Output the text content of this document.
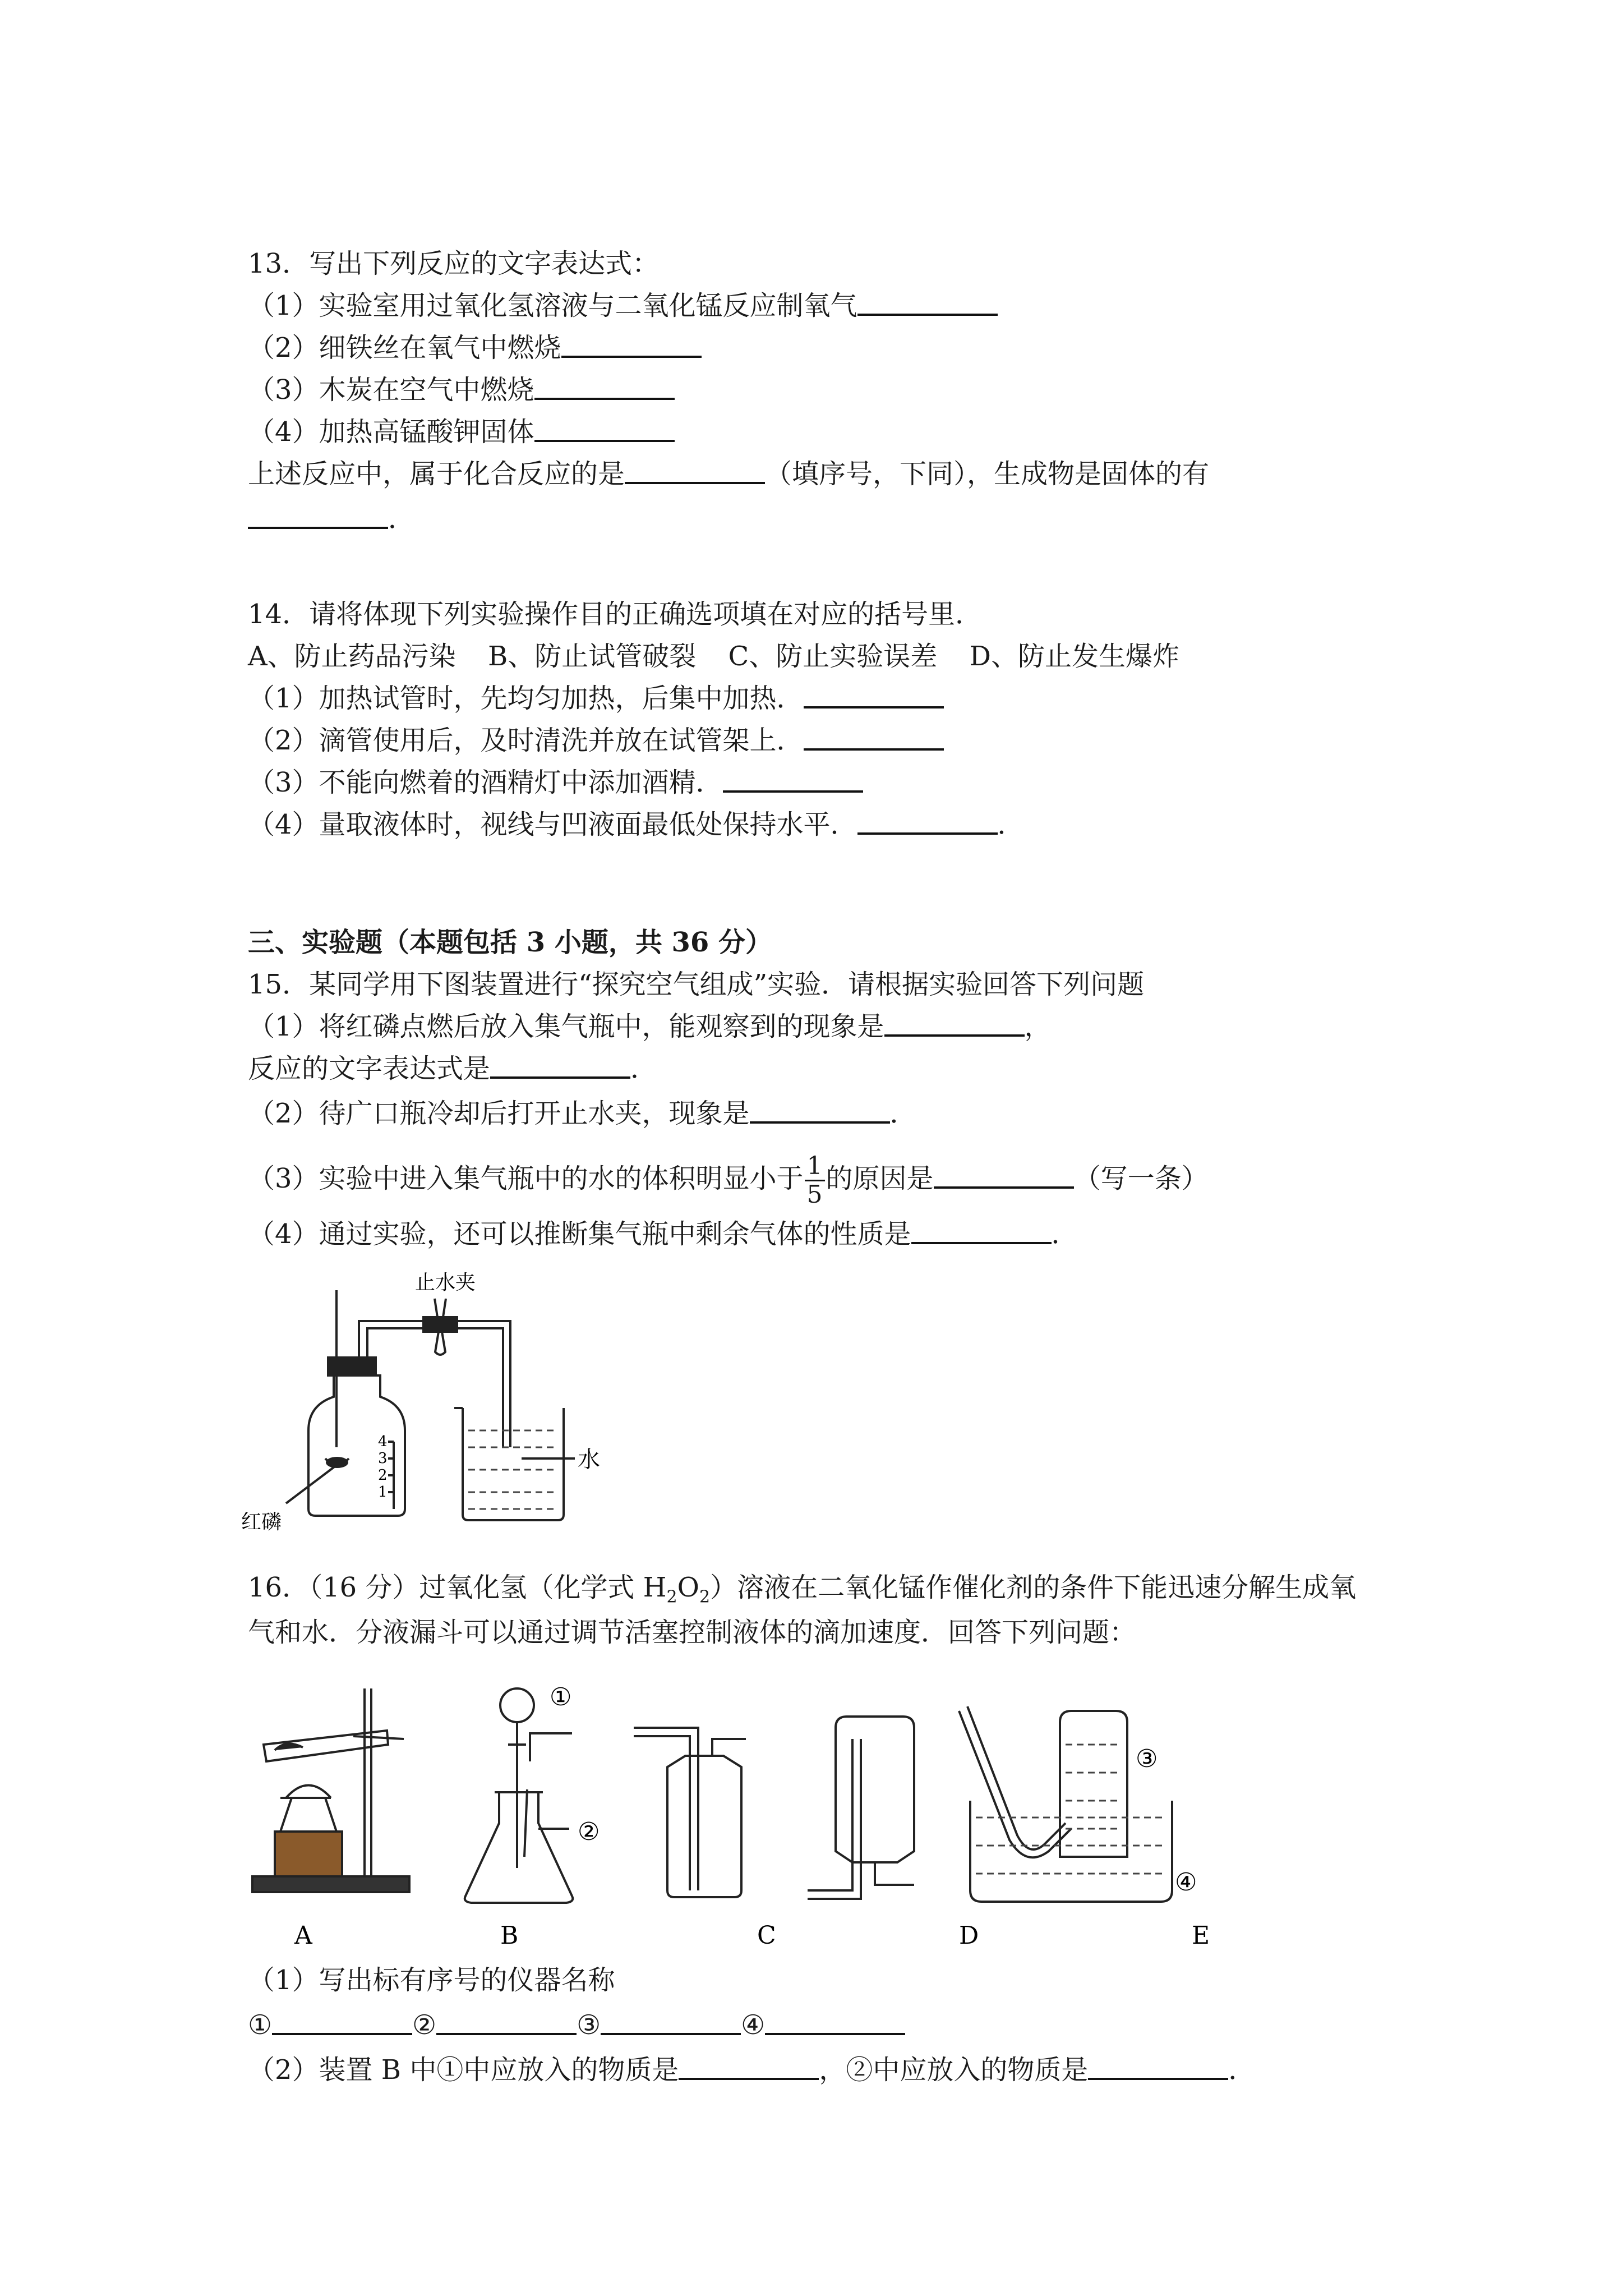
13．写出下列反应的文字表达式：
（1）实验室用过氧化氢溶液与二氧化锰反应制氧气
（2）细铁丝在氧气中燃烧
（3）木炭在空气中燃烧
（4）加热高锰酸钾固体
上述反应中，属于化合反应的是	（填序号，下同），生成物是固体的有
．
14．请将体现下列实验操作目的正确选项填在对应的括号里．
A、防止药品污染 B、防止试管破裂 C、防止实验误差 D、防止发生爆炸
（1）加热试管时，先均匀加热，后集中加热．
（2）滴管使用后，及时清洗并放在试管架上．
（3）不能向燃着的酒精灯中添加酒精．
（4）量取液体时，视线与凹液面最低处保持水平．	．
三、实验题（本题包括 3 小题，共 36 分）
15．某同学用下图装置进行“探究空气组成”实验．请根据实验回答下列问题
（1）将红磷点燃后放入集气瓶中，能观察到的现象是	，
反应的文字表达式是	．
（2）待广口瓶冷却后打开止水夹，现象是	．
（3）实验中进入集气瓶中的水的体积明显小于 $\frac{1}{5}$ 的原因是	（写一条）
（4）通过实验，还可以推断集气瓶中剩余气体的性质是	．
止水夹
水
红磷
4
3
2
1
16．（16 分）过氧化氢（化学式 $H_2O_2$）溶液在二氧化锰作催化剂的条件下能迅速分解生成氧
气和水．分液漏斗可以通过调节活塞控制液体的滴加速度．回答下列问题：
①
②
③
④
A	B	C	D	E
（1）写出标有序号的仪器名称
①	②	③	④
（2）装置 B 中①中应放入的物质是	，②中应放入的物质是	．
